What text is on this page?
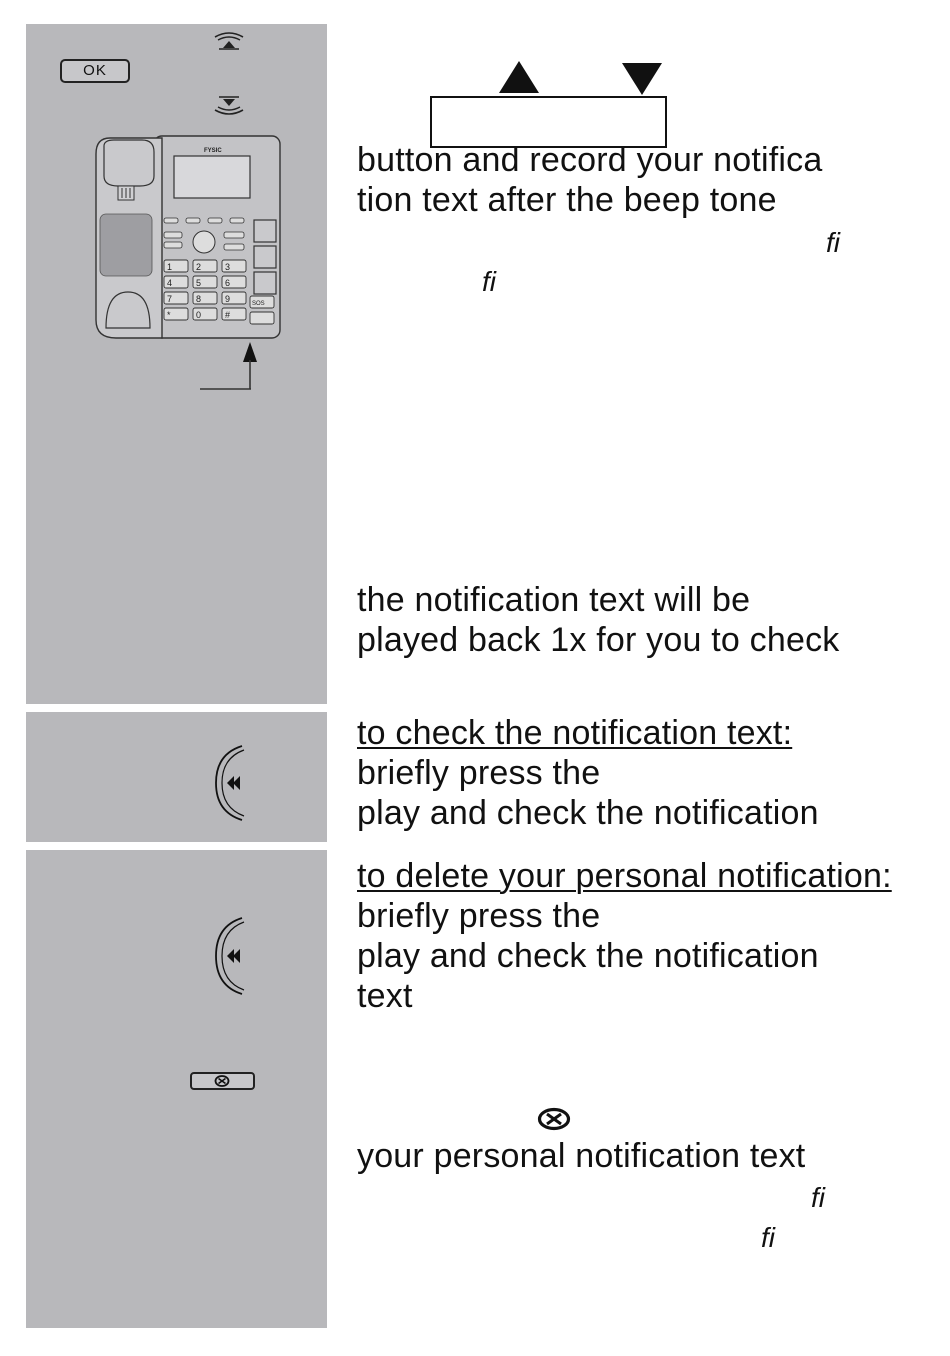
OK
FYSIC
1	2	3
4	5	6
7	8	9
*	0	#
SOS
button and record your notifica
tion text after the beep tone
fi
fi
the notification text will be
played back 1x for you to check
to check the notification text:
briefly press the
play and check the notification
to delete your personal notification:
briefly press the
play and check the notification
text
your personal notification text
fi
fi
